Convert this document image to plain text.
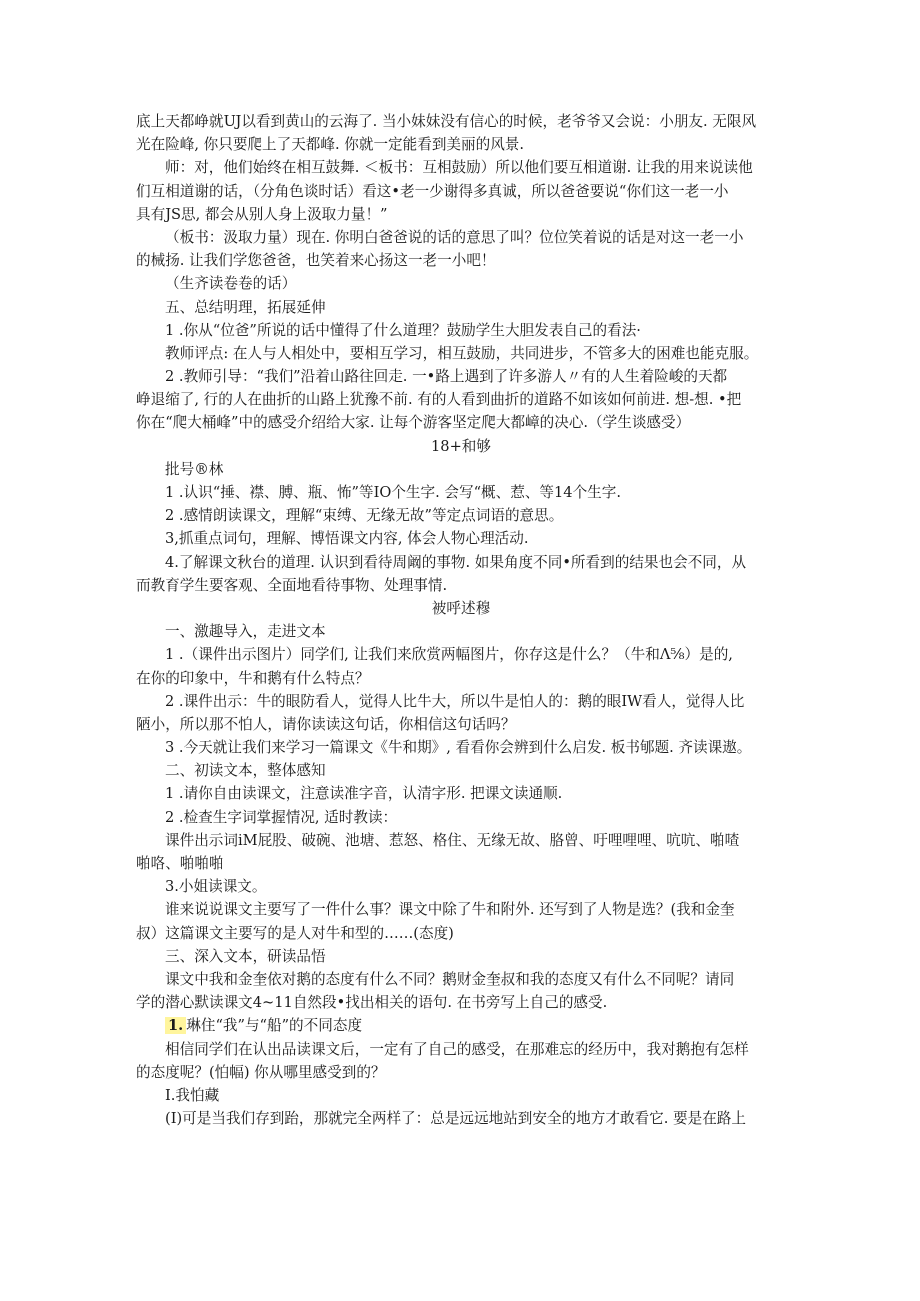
底上天都峥就UJ以看到黄山的云海了. 当小妹妹没有信心的时候，老爷爷又会说：小朋友. 无限风
光在险峰, 你只要爬上了天都峰. 你就一定能看到美丽的风景.
师：对，他们始终在相互鼓舞. ＜板书：互相鼓励）所以他们要互相道谢. 让我的用来说读他
们互相道谢的话，（分角色谈时话）看这•老一少谢得多真诚，所以爸爸要说“你们这一老一小
具有JS思, 都会从别人身上汲取力量！”
（板书：汲取力量）现在. 你明白爸爸说的话的意思了叫？位位笑着说的话是对这一老一小
的械扬. 让我们学您爸爸，也笑着来心扬这一老一小吧！
（生齐读卷卷的话）
五、总结明理，拓展延伸
1 .你从“位爸”所说的话中懂得了什么道理？鼓励学生大胆发表自己的看法·
教师评点: 在人与人相处中，要相互学习，相互鼓励，共同进步，不管多大的困难也能克服。
2 .教师引导：“我们”沿着山路往回走. 一•路上遇到了许多游人〃有的人生着险峻的天都
峥退缩了, 行的人在曲折的山路上犹豫不前. 有的人看到曲折的道路不如该如何前进. 想-想. •把
你在“爬大桶峰”中的感受介绍给大家. 让每个游客坚定爬大都嶂的决心.（学生谈感受）
18+和够
批号®林
1 .认识“捶、襟、膊、瓶、怖”等IO个生字. 会写“概、惹、等14个生字.
2 .感情朗读课文，理解“束缚、无缘无故”等定点词语的意思。
3,抓重点词句，理解、博悟课文内容, 体会人物心理活动.
4.了解课文秋台的道理. 认识到看待周阚的事物. 如果角度不同•所看到的结果也会不同，从
而教育学生要客观、全面地看待事物、处理事情.
被呼述穆
一、激趣导入，走进文本
1 .（课件出示图片）同学们, 让我们来欣赏两幅图片，你存这是什么？（牛和Λ⅝）是的,
在你的印象中，牛和鹅有什么特点？
2 .课件出示：牛的眼防看人，觉得人比牛大，所以牛是怕人的：鹅的眼IW看人，觉得人比
陋小，所以那不怕人，请你读读这句话，你相信这句话吗？
3 .今天就让我们来学习一篇课文《牛和期》, 看看你会辨到什么启发. 板书郇题. 齐读课遨。
二、初读文本，整体感知
1 .请你自由读课文，注意读准字音，认清字形. 把课文读通顺.
2 .检查生字词掌握情况, 适时教读：
课件出示词iM屁股、破碗、池塘、惹怒、格住、无缘无故、胳曾、吁哩哩哩、吭吭、啪喳
啪咯、啪啪啪
3.小姐读课文。
谁来说说课文主要写了一件什么事？课文中除了牛和附外. 还写到了人物是选？(我和金奎
叔）这篇课文主要写的是人对牛和型的……(态度)
三、深入文本，研读品悟
课文中我和金奎依对鹅的态度有什么不同？鹅财金奎叔和我的态度又有什么不同呢？请同
学的潜心默读课文4~11自然段•找出相关的语句. 在书旁写上自己的感受.
1. 琳住“我”与“船”的不同态度
相信同学们在认出品读课文后，一定有了自己的感受，在那难忘的经历中，我对鹅抱有怎样
的态度呢？(怕幅) 你从哪里感受到的？
I.我怕藏
(I)可是当我们存到跆，那就完全两样了：总是远远地站到安全的地方才敢看它. 要是在路上
